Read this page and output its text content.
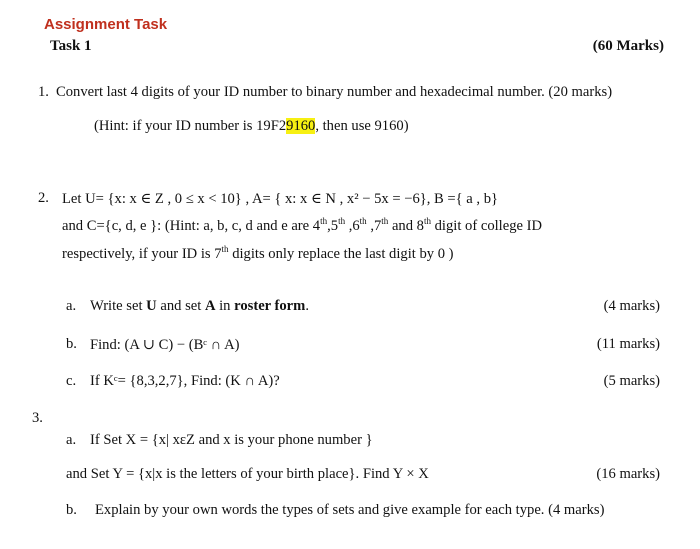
Assignment Task
Task 1	(60 Marks)
1. Convert last 4 digits of your ID number to binary number and hexadecimal number. (20 marks)
(Hint: if your ID number is 19F29160, then use 9160)
2. Let U= {x: x ∈ Z , 0 ≤ x < 10} , A= { x: x ∈ N , x² − 5x = −6}, B ={ a , b}
and C={c, d, e }: (Hint: a, b, c, d and e are 4th,5th ,6th ,7th and 8th digit of college ID
respectively, if your ID is 7th digits only replace the last digit by 0 )
a. Write set U and set A in roster form.	(4 marks)
b. Find: (A ∪ C) − (Bᶜ ∩ A)	(11 marks)
c. If Kᶜ= {8,3,2,7}, Find: (K ∩ A)?	(5 marks)
3.
a. If Set X = {x| xεZ and x is your phone number }
and Set Y = {x|x is the letters of your birth place}. Find Y × X	(16 marks)
b. Explain by your own words the types of sets and give example for each type. (4 marks)
